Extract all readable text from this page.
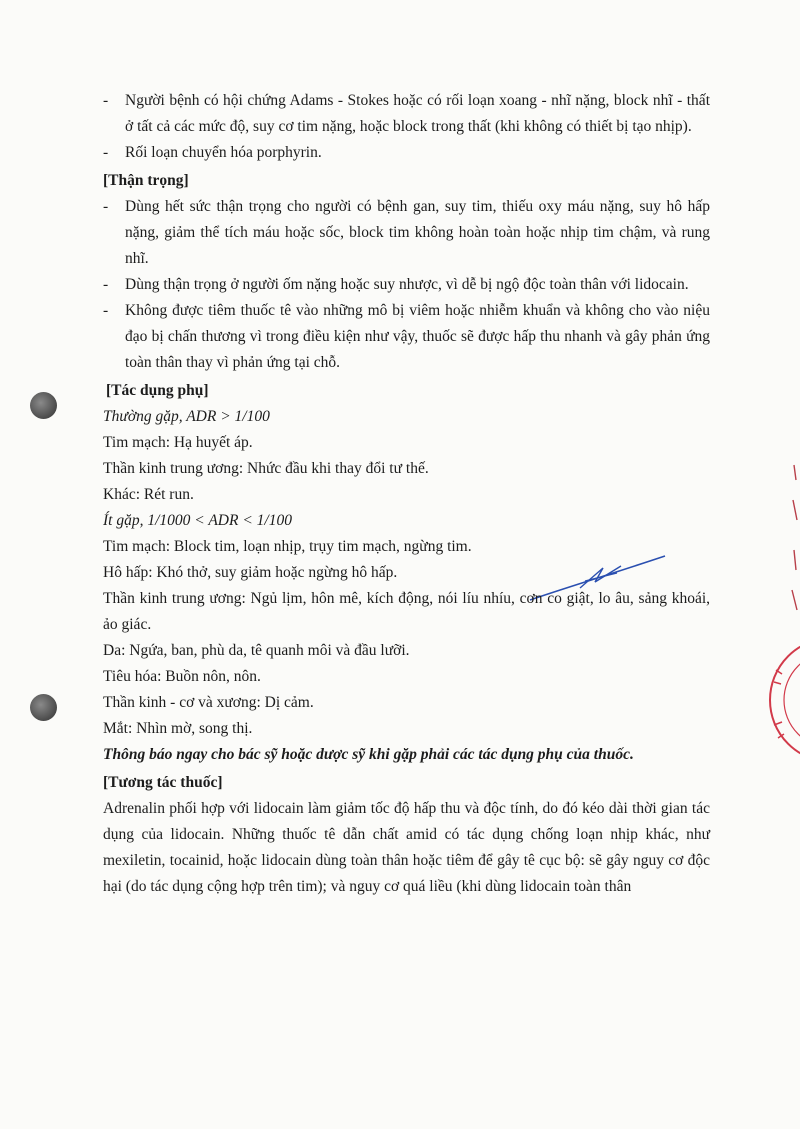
- Người bệnh có hội chứng Adams - Stokes hoặc có rối loạn xoang - nhĩ nặng, block nhĩ - thất ở tất cả các mức độ, suy cơ tim nặng, hoặc block trong thất (khi không có thiết bị tạo nhịp).
- Rối loạn chuyển hóa porphyrin.
[Thận trọng]
- Dùng hết sức thận trọng cho người có bệnh gan, suy tim, thiếu oxy máu nặng, suy hô hấp nặng, giảm thể tích máu hoặc sốc, block tim không hoàn toàn hoặc nhịp tim chậm, và rung nhĩ.
- Dùng thận trọng ở người ốm nặng hoặc suy nhược, vì dễ bị ngộ độc toàn thân với lidocain.
- Không được tiêm thuốc tê vào những mô bị viêm hoặc nhiễm khuẩn và không cho vào niệu đạo bị chấn thương vì trong điều kiện như vậy, thuốc sẽ được hấp thu nhanh và gây phản ứng toàn thân thay vì phản ứng tại chỗ.
[Tác dụng phụ]
Thường gặp, ADR > 1/100
Tim mạch: Hạ huyết áp.
Thần kinh trung ương: Nhức đầu khi thay đổi tư thế.
Khác: Rét run.
Ít gặp, 1/1000 < ADR < 1/100
Tim mạch: Block tim, loạn nhịp, trụy tim mạch, ngừng tim.
Hô hấp: Khó thở, suy giảm hoặc ngừng hô hấp.
Thần kinh trung ương: Ngủ lịm, hôn mê, kích động, nói líu nhíu, cơn co giật, lo âu, sảng khoái, ảo giác.
Da: Ngứa, ban, phù da, tê quanh môi và đầu lưỡi.
Tiêu hóa: Buồn nôn, nôn.
Thần kinh - cơ và xương: Dị cảm.
Mắt: Nhìn mờ, song thị.
Thông báo ngay cho bác sỹ hoặc dược sỹ khi gặp phải các tác dụng phụ của thuốc.
[Tương tác thuốc]
Adrenalin phối hợp với lidocain làm giảm tốc độ hấp thu và độc tính, do đó kéo dài thời gian tác dụng của lidocain. Những thuốc tê dẫn chất amid có tác dụng chống loạn nhịp khác, như mexiletin, tocainid, hoặc lidocain dùng toàn thân hoặc tiêm để gây tê cục bộ: sẽ gây nguy cơ độc hại (do tác dụng cộng hợp trên tim); và nguy cơ quá liều (khi dùng lidocain toàn thân
